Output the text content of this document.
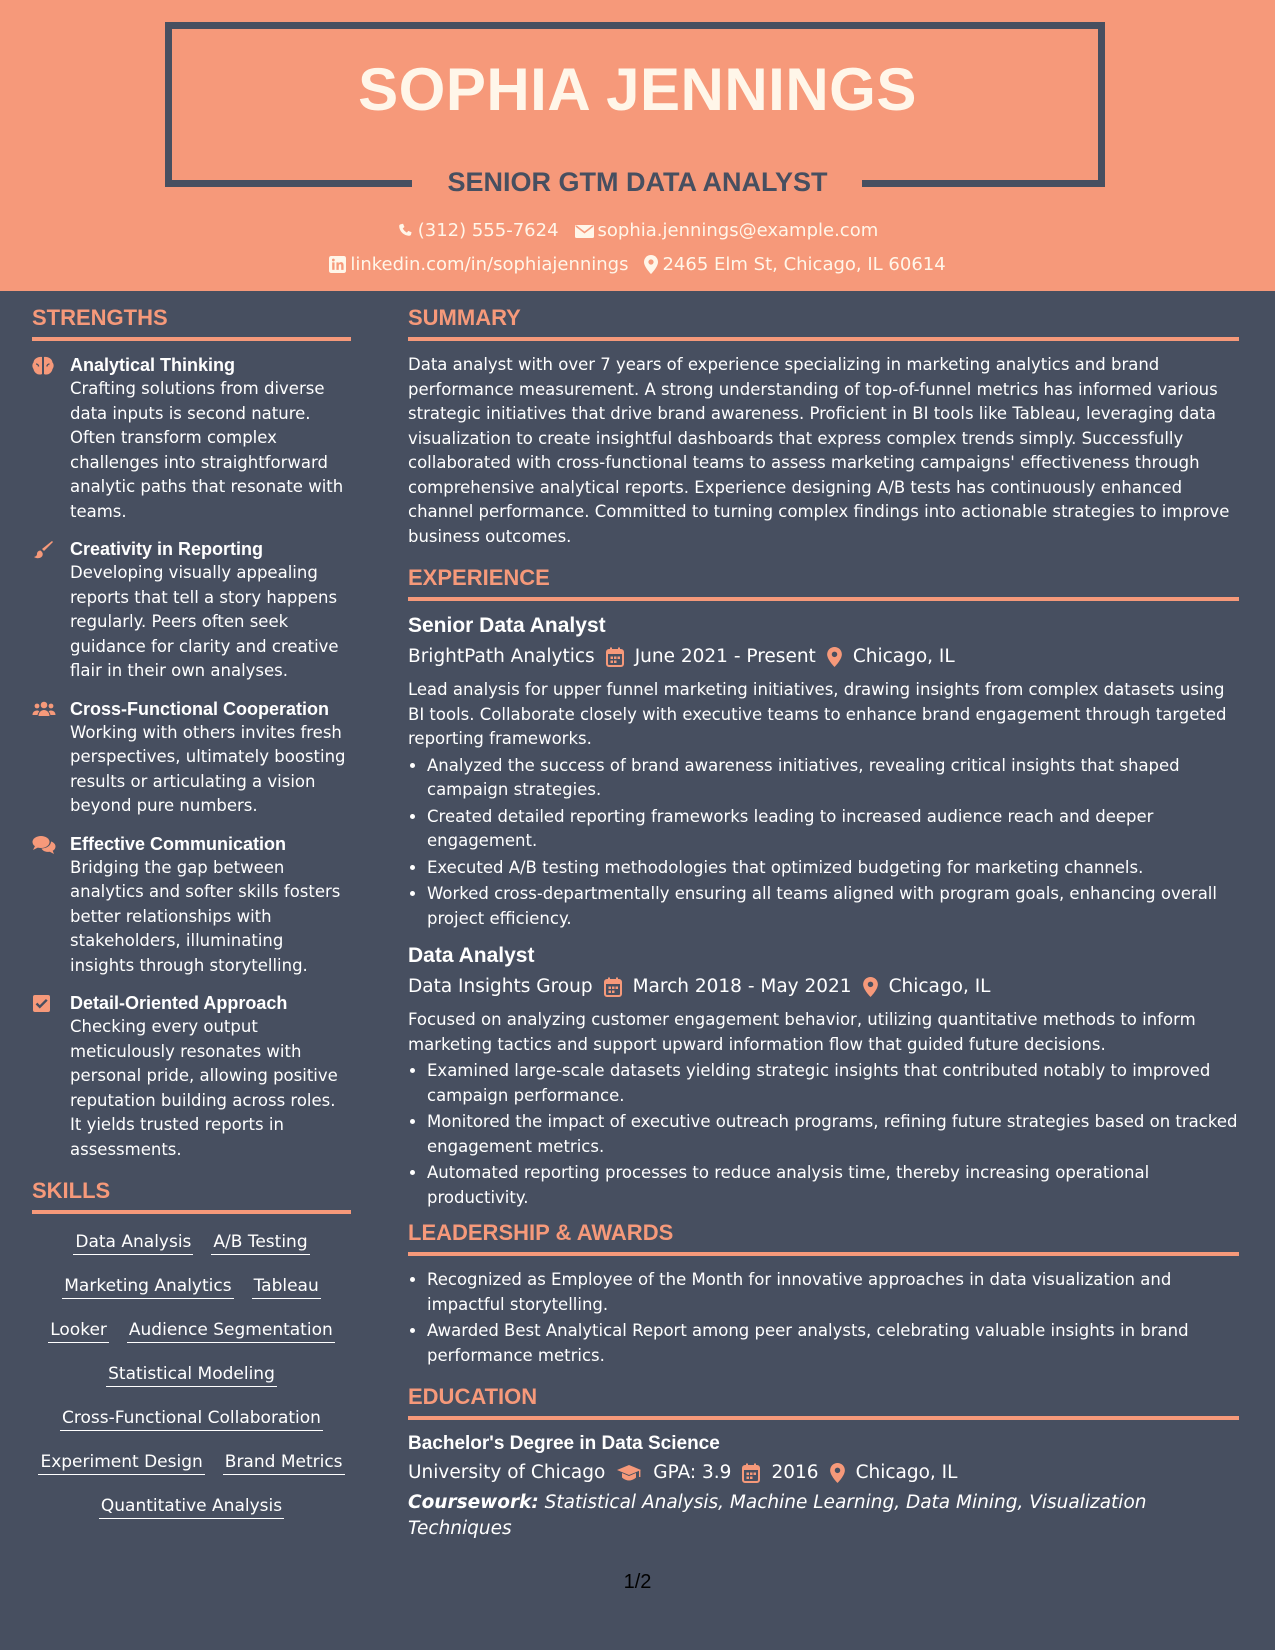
SOPHIA JENNINGS
SENIOR GTM DATA ANALYST
(312) 555-7624 sophia.jennings@example.com
linkedin.com/in/sophiajennings 2465 Elm St, Chicago, IL 60614
STRENGTHS
Analytical Thinking
Crafting solutions from diverse data inputs is second nature. Often transform complex challenges into straightforward analytic paths that resonate with teams.
Creativity in Reporting
Developing visually appealing reports that tell a story happens regularly. Peers often seek guidance for clarity and creative flair in their own analyses.
Cross-Functional Cooperation
Working with others invites fresh perspectives, ultimately boosting results or articulating a vision beyond pure numbers.
Effective Communication
Bridging the gap between analytics and softer skills fosters better relationships with stakeholders, illuminating insights through storytelling.
Detail-Oriented Approach
Checking every output meticulously resonates with personal pride, allowing positive reputation building across roles. It yields trusted reports in assessments.
SKILLS
Data Analysis A/B Testing
Marketing Analytics Tableau
Looker Audience Segmentation
Statistical Modeling
Cross-Functional Collaboration
Experiment Design Brand Metrics
Quantitative Analysis
SUMMARY

Data analyst with over 7 years of experience specializing in marketing analytics and brand performance measurement. A strong understanding of top-of-funnel metrics has informed various strategic initiatives that drive brand awareness. Proficient in BI tools like Tableau, leveraging data visualization to create insightful dashboards that express complex trends simply. Successfully collaborated with cross-functional teams to assess marketing campaigns' effectiveness through comprehensive analytical reports. Experience designing A/B tests has continuously enhanced channel performance. Committed to turning complex findings into actionable strategies to improve business outcomes.

EXPERIENCE
Senior Data Analyst
BrightPath Analytics June 2021 - Present Chicago, IL

Lead analysis for upper funnel marketing initiatives, drawing insights from complex datasets using BI tools. Collaborate closely with executive teams to enhance brand engagement through targeted reporting frameworks.

• Analyzed the success of brand awareness initiatives, revealing critical insights that shaped campaign strategies.
• Created detailed reporting frameworks leading to increased audience reach and deeper engagement.
• Executed A/B testing methodologies that optimized budgeting for marketing channels.
• Worked cross-departmentally ensuring all teams aligned with program goals, enhancing overall project efficiency.
Data Analyst
Data Insights Group March 2018 - May 2021 Chicago, IL

Focused on analyzing customer engagement behavior, utilizing quantitative methods to inform marketing tactics and support upward information flow that guided future decisions.

• Examined large-scale datasets yielding strategic insights that contributed notably to improved campaign performance.
• Monitored the impact of executive outreach programs, refining future strategies based on tracked engagement metrics.
• Automated reporting processes to reduce analysis time, thereby increasing operational productivity.
LEADERSHIP & AWARDS
• Recognized as Employee of the Month for innovative approaches in data visualization and impactful storytelling.
• Awarded Best Analytical Report among peer analysts, celebrating valuable insights in brand performance metrics.
EDUCATION
Bachelor's Degree in Data Science
University of Chicago	GPA: 3.9 2016 Chicago, IL
Coursework: Statistical Analysis, Machine Learning, Data Mining, Visualization Techniques
1/2
